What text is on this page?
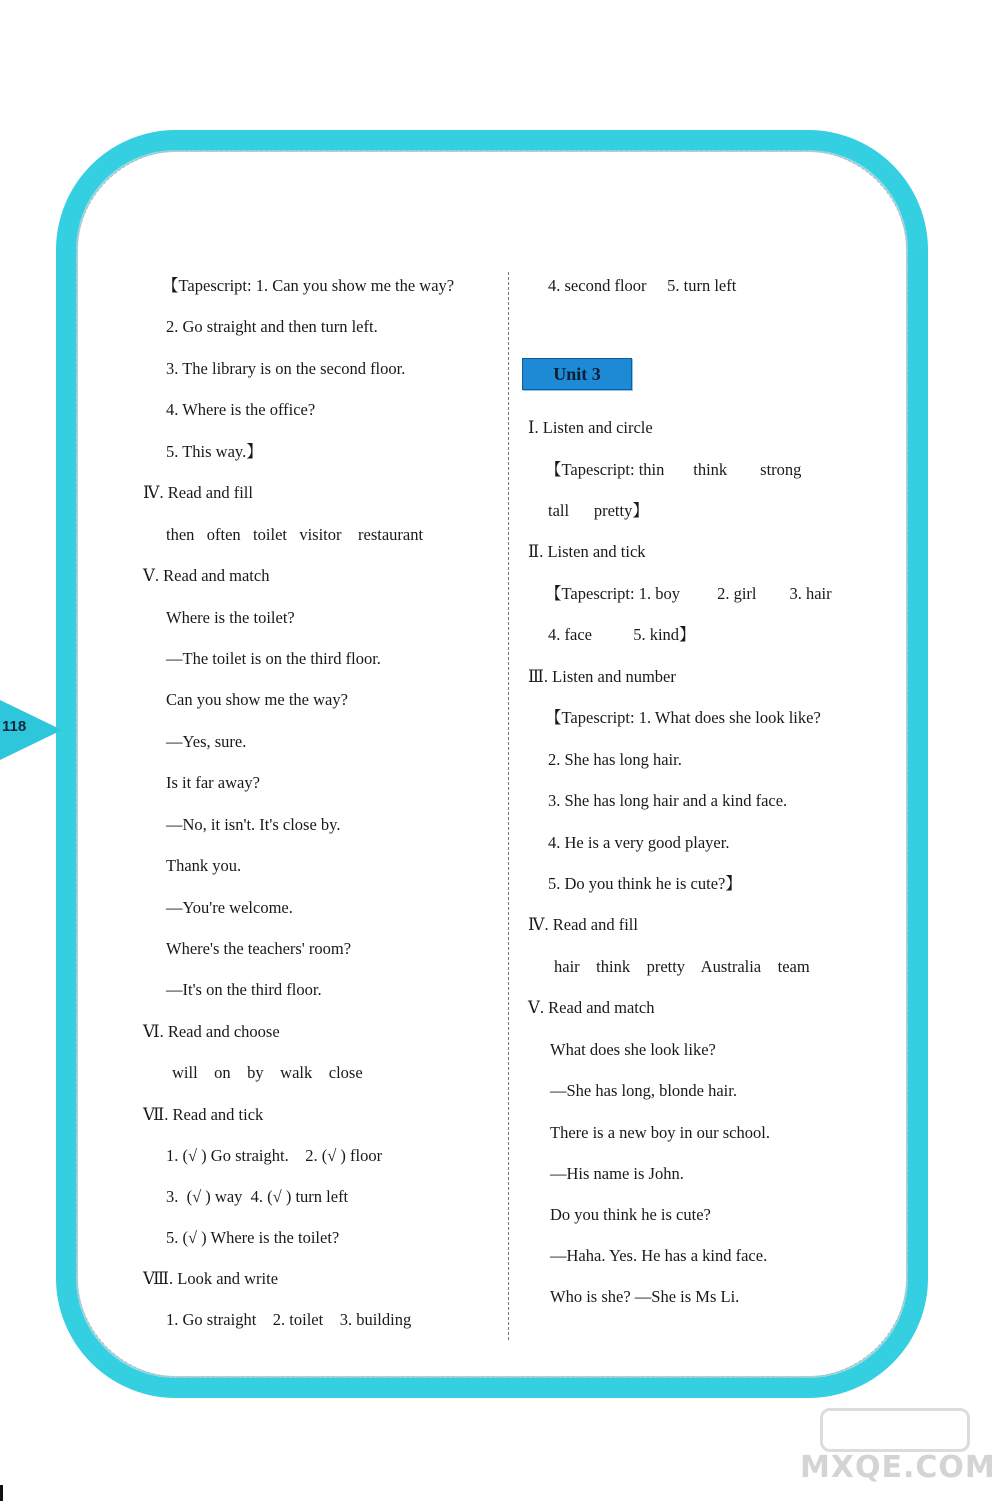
118
【Tapescript: 1. Can you show me the way?
2. Go straight and then turn left.
3. The library is on the second floor.
4. Where is the office?
5. This way.】
Ⅳ. Read and fill
then   often   toilet   visitor    restaurant
Ⅴ. Read and match
Where is the toilet?
—The toilet is on the third floor.
Can you show me the way?
—Yes, sure.
Is it far away?
—No, it isn't. It's close by.
Thank you.
—You're welcome.
Where's the teachers' room?
—It's on the third floor.
Ⅵ. Read and choose
will    on    by    walk    close
Ⅶ. Read and tick
1. (√ ) Go straight.    2. (√ ) floor
3.  (√ ) way  4. (√ ) turn left
5. (√ ) Where is the toilet?
Ⅷ. Look and write
1. Go straight    2. toilet    3. building
4. second floor     5. turn left
Unit 3
Ⅰ. Listen and circle
【Tapescript: thin       think        strong
tall      pretty】
Ⅱ. Listen and tick
【Tapescript: 1. boy         2. girl        3. hair
4. face          5. kind】
Ⅲ. Listen and number
【Tapescript: 1. What does she look like?
2. She has long hair.
3. She has long hair and a kind face.
4. He is a very good player.
5. Do you think he is cute?】
Ⅳ. Read and fill
hair    think    pretty    Australia    team
Ⅴ. Read and match
What does she look like?
—She has long, blonde hair.
There is a new boy in our school.
—His name is John.
Do you think he is cute?
—Haha. Yes. He has a kind face.
Who is she? —She is Ms Li.
MXQE.COM
